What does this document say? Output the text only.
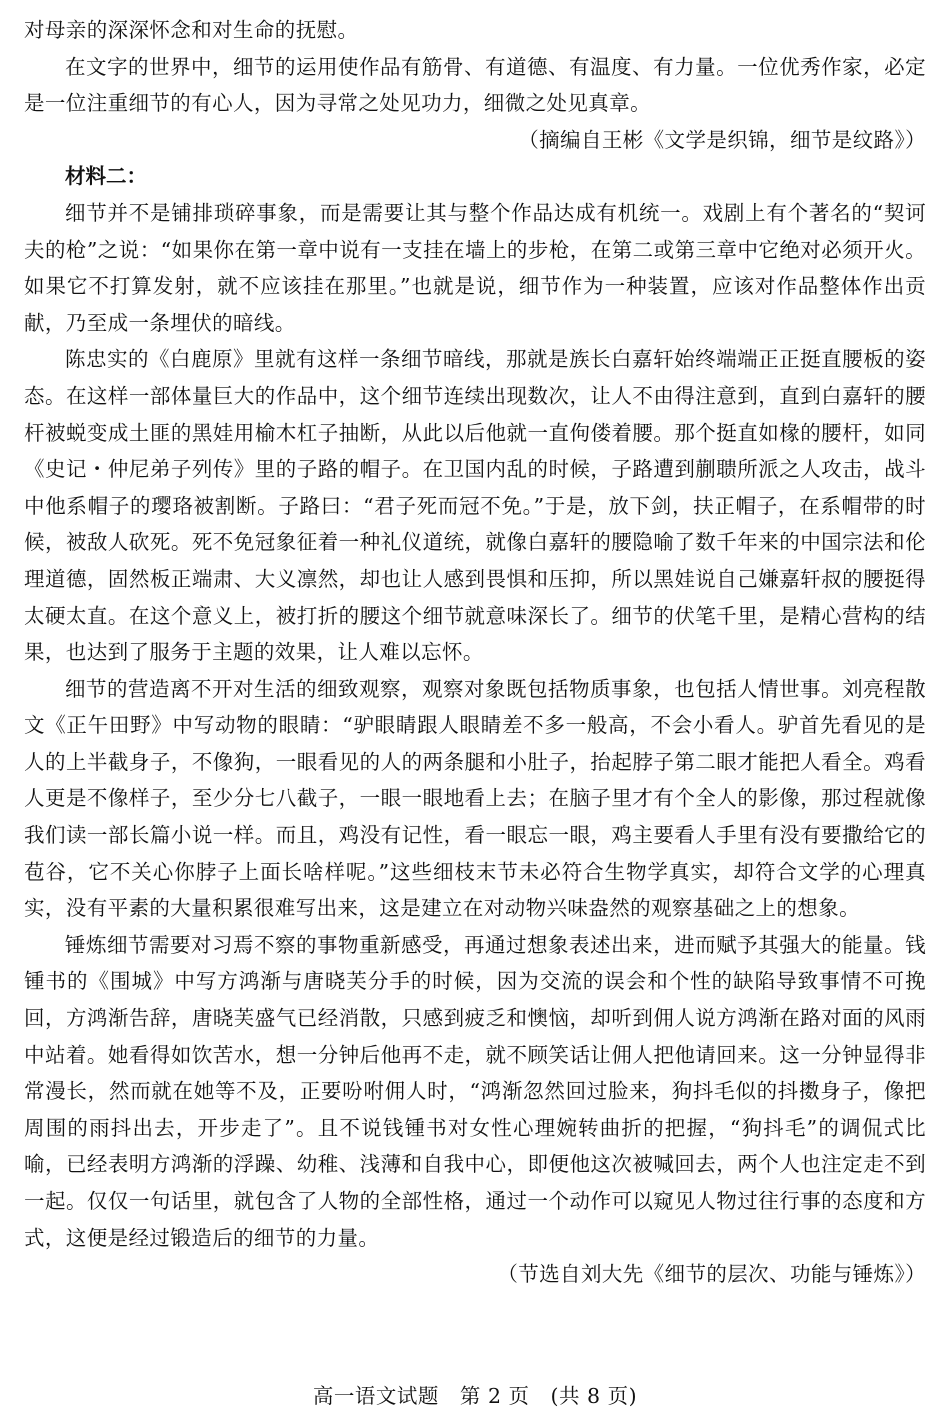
对母亲的深深怀念和对生命的抚慰。

在文字的世界中，细节的运用使作品有筋骨、有道德、有温度、有力量。一位优秀作家，必定是一位注重细节的有心人，因为寻常之处见功力，细微之处见真章。

（摘编自王彬《文学是织锦，细节是纹路》）

材料二：

细节并不是铺排琐碎事象，而是需要让其与整个作品达成有机统一。戏剧上有个著名的“契诃夫的枪”之说：“如果你在第一章中说有一支挂在墙上的步枪，在第二或第三章中它绝对必须开火。如果它不打算发射，就不应该挂在那里。”也就是说，细节作为一种装置，应该对作品整体作出贡献，乃至成一条埋伏的暗线。

陈忠实的《白鹿原》里就有这样一条细节暗线，那就是族长白嘉轩始终端端正正挺直腰板的姿态。在这样一部体量巨大的作品中，这个细节连续出现数次，让人不由得注意到，直到白嘉轩的腰杆被蜕变成土匪的黑娃用榆木杠子抽断，从此以后他就一直佝偻着腰。那个挺直如椽的腰杆，如同《史记・仲尼弟子列传》里的子路的帽子。在卫国内乱的时候，子路遭到蒯聩所派之人攻击，战斗中他系帽子的璎珞被割断。子路曰：“君子死而冠不免。”于是，放下剑，扶正帽子，在系帽带的时候，被敌人砍死。死不免冠象征着一种礼仪道统，就像白嘉轩的腰隐喻了数千年来的中国宗法和伦理道德，固然板正端肃、大义凛然，却也让人感到畏惧和压抑，所以黑娃说自己嫌嘉轩叔的腰挺得太硬太直。在这个意义上，被打折的腰这个细节就意味深长了。细节的伏笔千里，是精心营构的结果，也达到了服务于主题的效果，让人难以忘怀。

细节的营造离不开对生活的细致观察，观察对象既包括物质事象，也包括人情世事。刘亮程散文《正午田野》中写动物的眼睛：“驴眼睛跟人眼睛差不多一般高，不会小看人。驴首先看见的是人的上半截身子，不像狗，一眼看见的人的两条腿和小肚子，抬起脖子第二眼才能把人看全。鸡看人更是不像样子，至少分七八截子，一眼一眼地看上去；在脑子里才有个全人的影像，那过程就像我们读一部长篇小说一样。而且，鸡没有记性，看一眼忘一眼，鸡主要看人手里有没有要撒给它的苞谷，它不关心你脖子上面长啥样呢。”这些细枝末节未必符合生物学真实，却符合文学的心理真实，没有平素的大量积累很难写出来，这是建立在对动物兴味盎然的观察基础之上的想象。

锤炼细节需要对习焉不察的事物重新感受，再通过想象表述出来，进而赋予其强大的能量。钱锺书的《围城》中写方鸿渐与唐晓芙分手的时候，因为交流的误会和个性的缺陷导致事情不可挽回，方鸿渐告辞，唐晓芙盛气已经消散，只感到疲乏和懊恼，却听到佣人说方鸿渐在路对面的风雨中站着。她看得如饮苦水，想一分钟后他再不走，就不顾笑话让佣人把他请回来。这一分钟显得非常漫长，然而就在她等不及，正要吩咐佣人时，“鸿渐忽然回过脸来，狗抖毛似的抖擞身子，像把周围的雨抖出去，开步走了”。且不说钱锺书对女性心理婉转曲折的把握，“狗抖毛”的调侃式比喻，已经表明方鸿渐的浮躁、幼稚、浅薄和自我中心，即便他这次被喊回去，两个人也注定走不到一起。仅仅一句话里，就包含了人物的全部性格，通过一个动作可以窥见人物过往行事的态度和方式，这便是经过锻造后的细节的力量。

（节选自刘大先《细节的层次、功能与锤炼》）

高一语文试题　第 2 页　(共 8 页)
